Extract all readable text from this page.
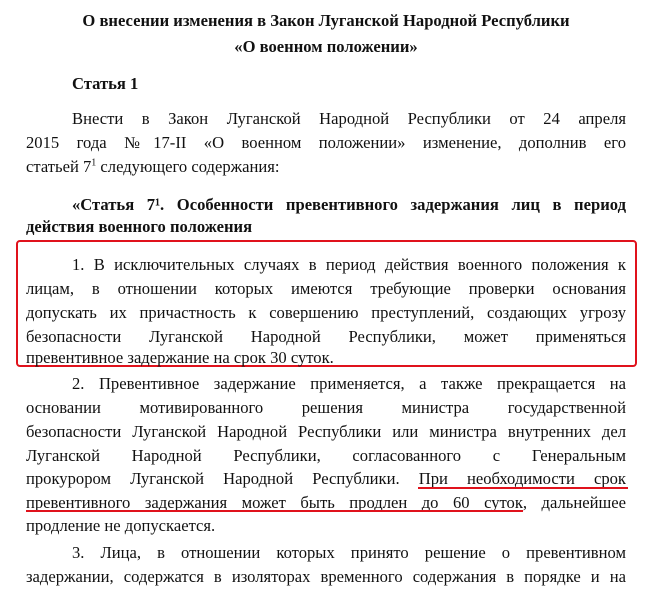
О внесении изменения в Закон Луганской Народной Республики
«О военном положении»
Статья 1
Внести в Закон Луганской Народной Республики от 24 апреля
2015 года №17-II «О военном положении» изменение, дополнив его
статьей $7^1$ следующего содержания:
«Статья 7¹. Особенности превентивного задержания лиц в период
действия военного положения
1. В исключительных случаях в период действия военного положения к
лицам, в отношении которых имеются требующие проверки основания
допускать их причастность к совершению преступлений, создающих угрозу
безопасности Луганской Народной Республики, может применяться
превентивное задержание на срок 30 суток.
2. Превентивное задержание применяется, а также прекращается на
основании мотивированного решения министра государственной
безопасности Луганской Народной Республики или министра внутренних дел
Луганской Народной Республики, согласованного с Генеральным
прокурором Луганской Народной Республики. При необходимости срок
превентивного задержания может быть продлен до 60 суток, дальнейшее
продление не допускается.
3. Лица, в отношении которых принято решение о превентивном
задержании, содержатся в изоляторах временного содержания в порядке и на
